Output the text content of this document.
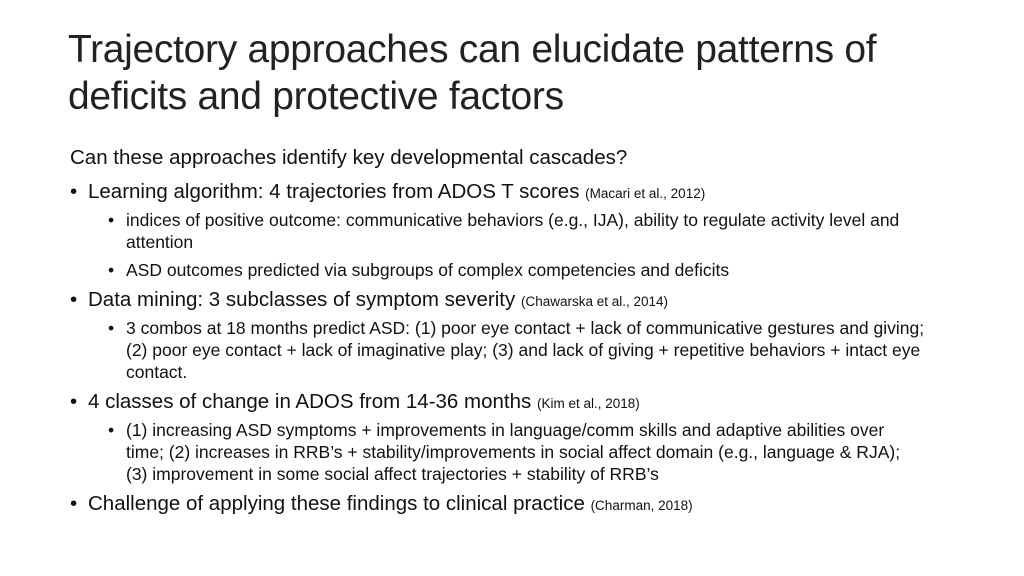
Trajectory approaches can elucidate patterns of deficits and protective factors

Can these approaches identify key developmental cascades?

• Learning algorithm: 4 trajectories from ADOS T scores (Macari et al., 2012)

• indices of positive outcome: communicative behaviors (e.g., IJA), ability to regulate activity level and attention

• ASD outcomes predicted via subgroups of complex competencies and deficits

• Data mining: 3 subclasses of symptom severity (Chawarska et al., 2014)

• 3 combos at 18 months predict ASD: (1) poor eye contact + lack of communicative gestures and giving; (2) poor eye contact + lack of imaginative play; (3) and lack of giving + repetitive behaviors + intact eye contact.

• 4 classes of change in ADOS from 14-36 months (Kim et al., 2018)

• (1) increasing ASD symptoms + improvements in language/comm skills and adaptive abilities over time; (2) increases in RRB’s + stability/improvements in social affect domain (e.g., language & RJA); (3) improvement in some social affect trajectories + stability of RRB’s

• Challenge of applying these findings to clinical practice (Charman, 2018)
